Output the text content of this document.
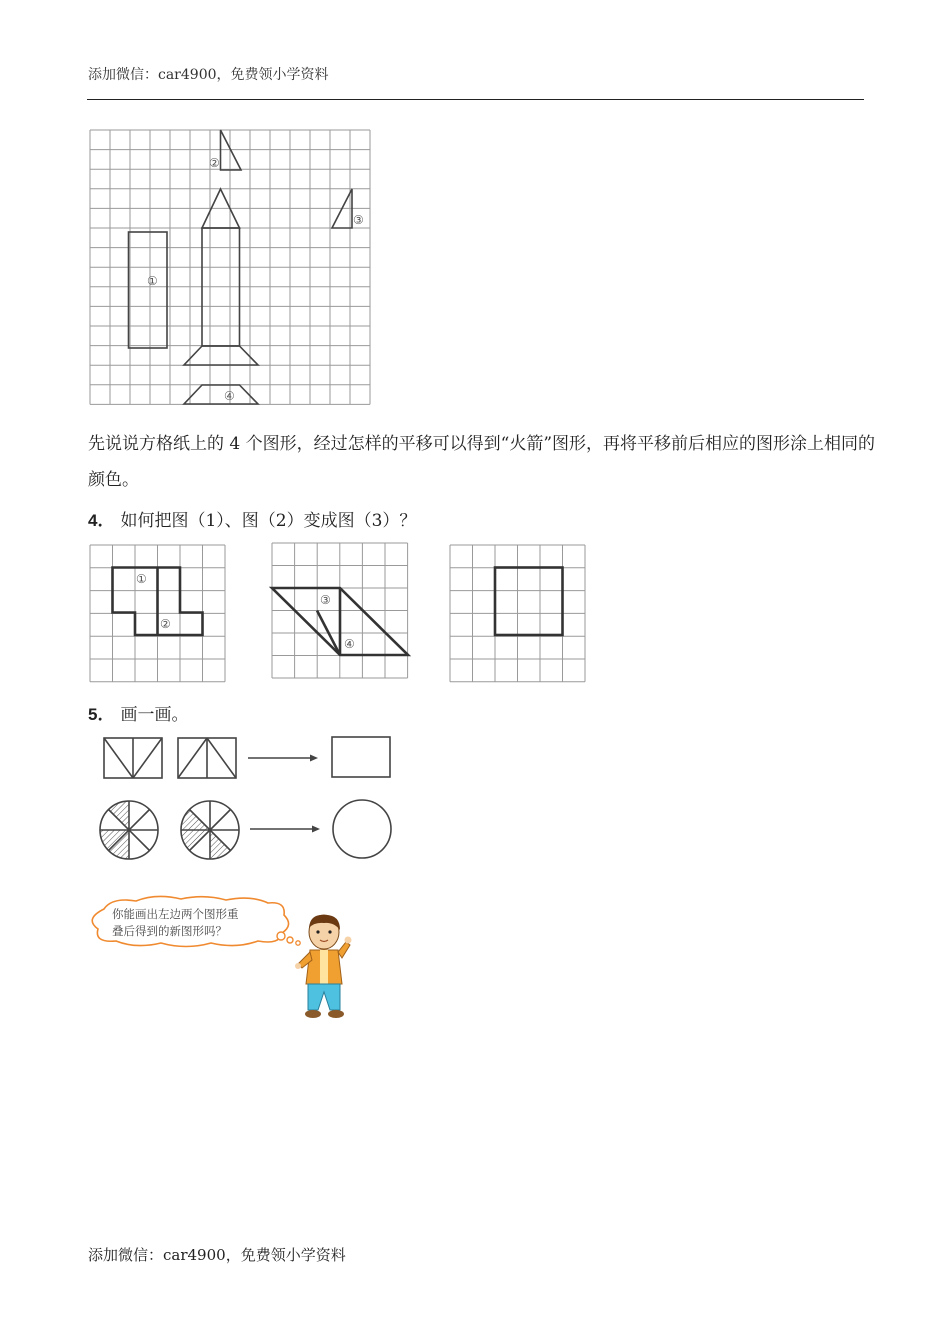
添加微信：car4900，免费领小学资料
②
③
①
④
先说说方格纸上的 4 个图形，经过怎样的平移可以得到“火箭”图形，再将平移前后相应的图形涂上相同的颜色。
4． 如何把图（1）、图（2）变成图（3）？
①
②
③
④
5． 画一画。
你能画出左边两个图形重
叠后得到的新图形吗？
添加微信：car4900，免费领小学资料
